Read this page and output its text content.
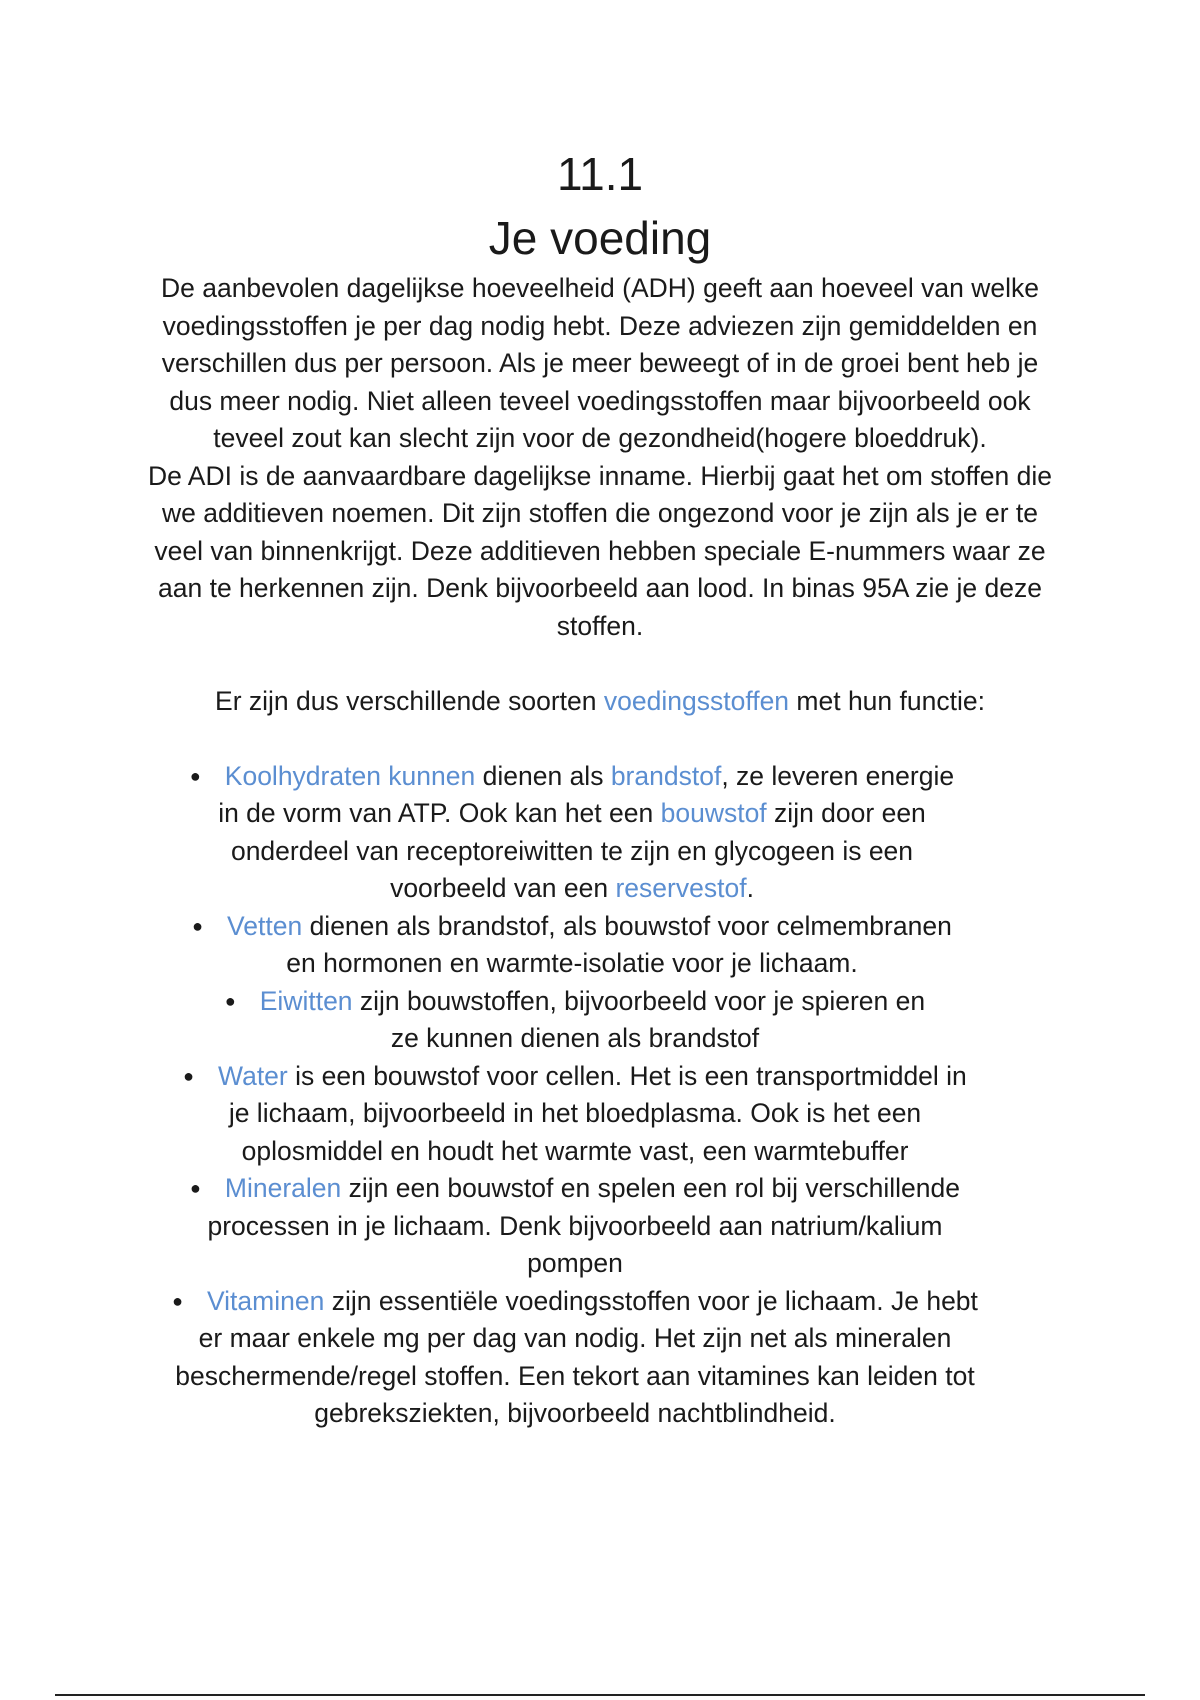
11.1
Je voeding

De aanbevolen dagelijkse hoeveelheid (ADH) geeft aan hoeveel van welke voedingsstoffen je per dag nodig hebt. Deze adviezen zijn gemiddelden en verschillen dus per persoon. Als je meer beweegt of in de groei bent heb je dus meer nodig. Niet alleen teveel voedingsstoffen maar bijvoorbeeld ook teveel zout kan slecht zijn voor de gezondheid(hogere bloeddruk).

De ADI is de aanvaardbare dagelijkse inname. Hierbij gaat het om stoffen die we additieven noemen. Dit zijn stoffen die ongezond voor je zijn als je er te veel van binnenkrijgt. Deze additieven hebben speciale E-nummers waar ze aan te herkennen zijn. Denk bijvoorbeeld aan lood. In binas 95A zie je deze stoffen.

Er zijn dus verschillende soorten voedingsstoffen met hun functie:

● Koolhydraten kunnen dienen als brandstof, ze leveren energie in de vorm van ATP. Ook kan het een bouwstof zijn door een onderdeel van receptoreiwitten te zijn en glycogeen is een voorbeeld van een reservestof.
● Vetten dienen als brandstof, als bouwstof voor celmembranen en hormonen en warmte-isolatie voor je lichaam.
● Eiwitten zijn bouwstoffen, bijvoorbeeld voor je spieren en ze kunnen dienen als brandstof
● Water is een bouwstof voor cellen. Het is een transportmiddel in je lichaam, bijvoorbeeld in het bloedplasma. Ook is het een oplosmiddel en houdt het warmte vast, een warmtebuffer
● Mineralen zijn een bouwstof en spelen een rol bij verschillende processen in je lichaam. Denk bijvoorbeeld aan natrium/kalium pompen
● Vitaminen zijn essentiële voedingsstoffen voor je lichaam. Je hebt er maar enkele mg per dag van nodig. Het zijn net als mineralen beschermende/regel stoffen. Een tekort aan vitamines kan leiden tot gebreksziekten, bijvoorbeeld nachtblindheid.
